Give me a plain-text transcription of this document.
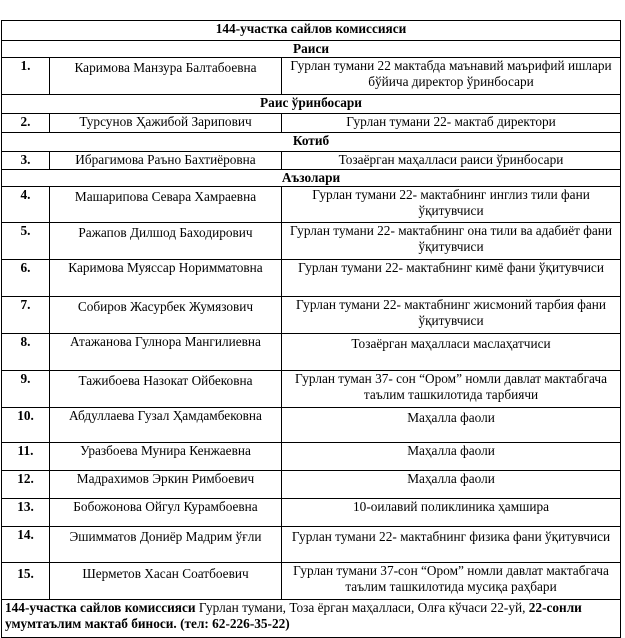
144-участка сайлов комиссияси		
Раиси		
1.	Каримова Манзура Балтабоевна	Гурлан тумани 22 мактабда маънавий маърифий ишлари бўйича директор ўринбосари
Раис ўринбосари		
2.	Турсунов Ҳажибой Зарипович	Гурлан тумани 22- мактаб директори
Котиб		
3.	Ибрагимова Раъно Бахтиёровна	Тозаёрган маҳалласи раиси ўринбосари
Аъзолари		
4.	Машарипова Севара Хамраевна	Гурлан тумани 22- мактабнинг инглиз тили фани ўқитувчиси
5.	Ражапов Дилшод Баходирович	Гурлан тумани 22- мактабнинг она тили ва адабиёт фани ўқитувчиси
6.	Каримова Муяссар Норимматовна	Гурлан тумани 22- мактабнинг кимё фани ўқитувчиси
7.	Собиров Жасурбек Жумязович	Гурлан тумани 22- мактабнинг жисмоний тарбия фани ўқитувчиси
8.	Атажанова Гулнора Мангилиевна	Тозаёрган маҳалласи маслаҳатчиси
9.	Тажибоева Назокат Ойбековна	Гурлан туман 37- сон “Ором” номли давлат мактабгача таълим ташкилотида тарбиячи
10.	Абдуллаева Гузал Ҳамдамбековна	Маҳалла фаоли
11.	Уразбоева Мунира Кенжаевна	Маҳалла фаоли
12.	Мадрахимов Эркин Римбоевич	Маҳалла фаоли
13.	Бобожонова Ойгул Курамбоевна	10-оилавий поликлиника ҳамшира
14.	Эшимматов Дониёр Мадрим ўғли	Гурлан тумани 22- мактабнинг физика фани ўқитувчиси
15.	Шерметов Хасан Соатбоевич	Гурлан тумани 37-сон “Ором” номли давлат мактабгача таълим ташкилотида мусиқа раҳбари
144-участка сайлов комиссияси Гурлан тумани, Тоза ёрган маҳалласи, Олға кўчаси 22-уй, 22-сонли умумтаълим мактаб биноси. (тел: 62-226-35-22)		
